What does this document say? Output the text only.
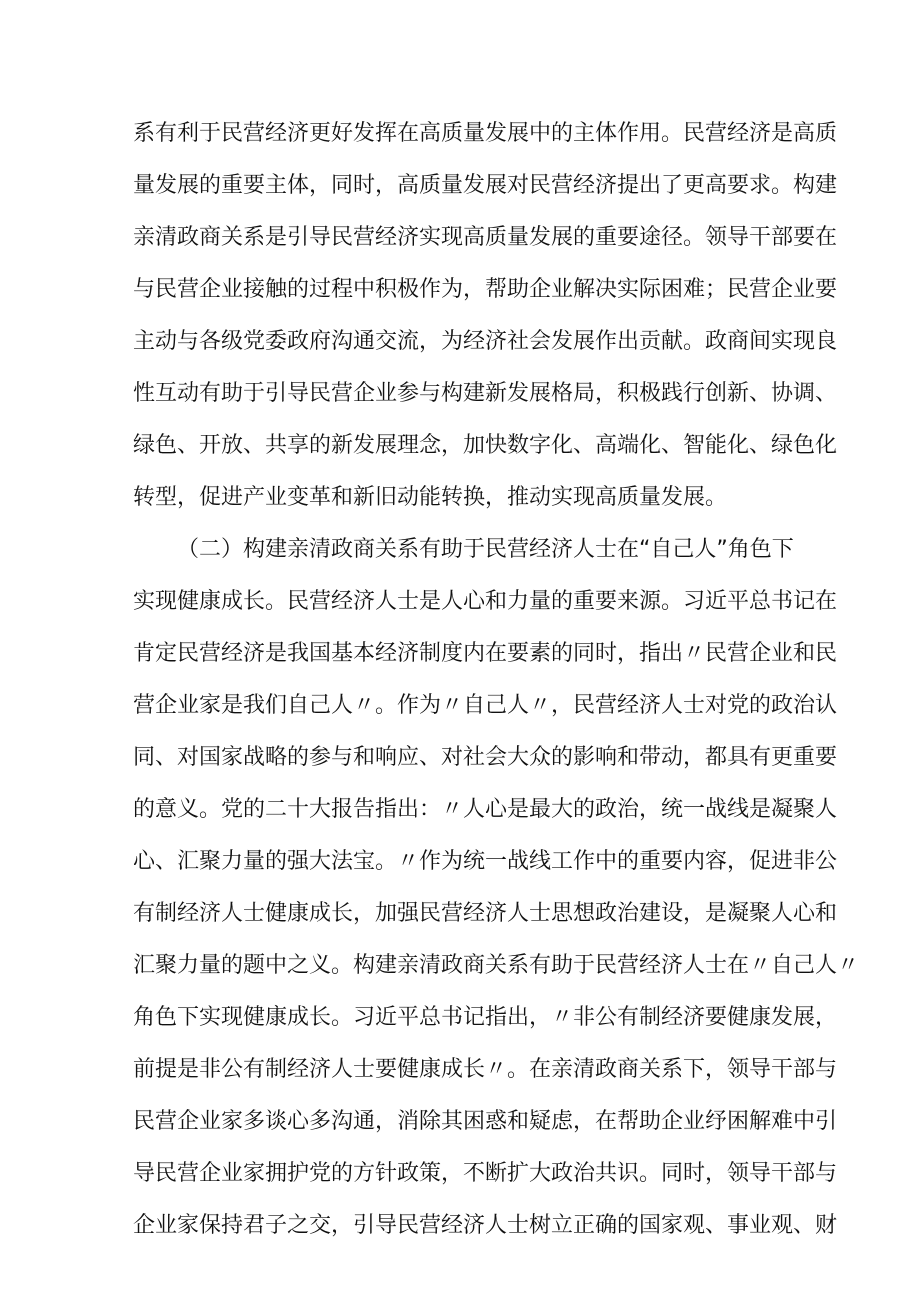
系有利于民营经济更好发挥在高质量发展中的主体作用。民营经济是高质
量发展的重要主体，同时，高质量发展对民营经济提出了更高要求。构建
亲清政商关系是引导民营经济实现高质量发展的重要途径。领导干部要在
与民营企业接触的过程中积极作为，帮助企业解决实际困难；民营企业要
主动与各级党委政府沟通交流，为经济社会发展作出贡献。政商间实现良
性互动有助于引导民营企业参与构建新发展格局，积极践行创新、协调、
绿色、开放、共享的新发展理念，加快数字化、高端化、智能化、绿色化
转型，促进产业变革和新旧动能转换，推动实现高质量发展。
（二）构建亲清政商关系有助于民营经济人士在“自己人”角色下
实现健康成长。民营经济人士是人心和力量的重要来源。习近平总书记在
肯定民营经济是我国基本经济制度内在要素的同时，指出〃民营企业和民
营企业家是我们自己人〃。作为〃自己人〃，民营经济人士对党的政治认
同、对国家战略的参与和响应、对社会大众的影响和带动，都具有更重要
的意义。党的二十大报告指出：〃人心是最大的政治，统一战线是凝聚人
心、汇聚力量的强大法宝。〃作为统一战线工作中的重要内容，促进非公
有制经济人士健康成长，加强民营经济人士思想政治建设，是凝聚人心和
汇聚力量的题中之义。构建亲清政商关系有助于民营经济人士在〃自己人〃
角色下实现健康成长。习近平总书记指出，〃非公有制经济要健康发展，
前提是非公有制经济人士要健康成长〃。在亲清政商关系下，领导干部与
民营企业家多谈心多沟通，消除其困惑和疑虑，在帮助企业纾困解难中引
导民营企业家拥护党的方针政策，不断扩大政治共识。同时，领导干部与
企业家保持君子之交，引导民营经济人士树立正确的国家观、事业观、财
